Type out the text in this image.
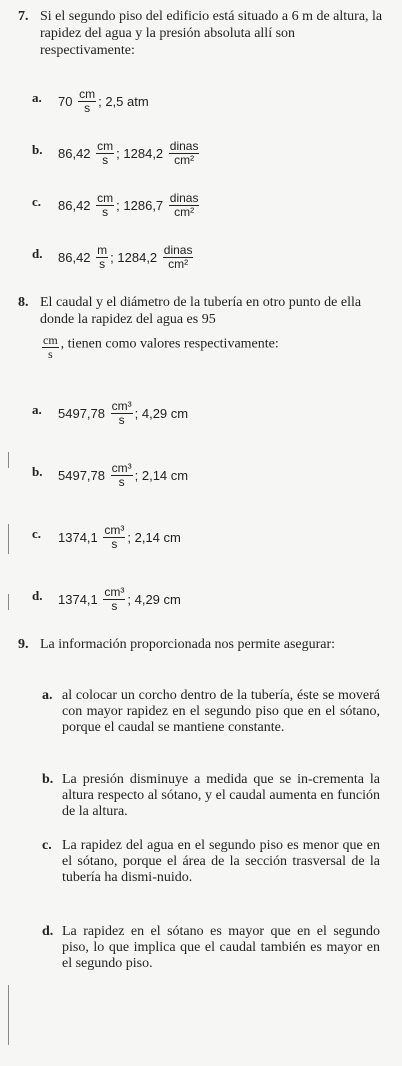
7. Si el segundo piso del edificio está situado a 6 m de altura, la rapidez del agua y la presión absoluta allí son respectivamente:
a. $70 \frac{cm}{s}$ ; 2,5 atm
b. $86,42 \frac{cm}{s}$ ; $1284,2 \frac{\text{dinas}}{\text{cm²}}$
c. $86,42 \frac{cm}{s}$ ; $1286,7 \frac{\text{dinas}}{\text{cm²}}$
d. $86,42 \frac{m}{s}$ ; $1284,2 \frac{\text{dinas}}{\text{cm²}}$
8. El caudal y el diámetro de la tubería en otro punto de ella donde la rapidez del agua es 95

$\frac{cm}{s}$ , tienen como valores respectivamente:
a. $5497,78 \frac{\text{cm³}}{s}$ ; 4,29 cm
b. $5497,78 \frac{\text{cm³}}{s}$ ; 2,14 cm
c. $1374,1 \frac{\text{cm³}}{s}$ ; 2,14 cm
d. $1374,1 \frac{\text{cm³}}{s}$ ; 4,29 cm
9. La información proporcionada nos permite asegurar:
a. al colocar un corcho dentro de la tubería, éste se moverá con mayor rapidez en el segundo piso que en el sótano, porque el caudal se mantiene constante.
b. La presión disminuye a medida que se in-crementa la altura respecto al sótano, y el caudal aumenta en función de la altura.
c. La rapidez del agua en el segundo piso es menor que en el sótano, porque el área de la sección trasversal de la tubería ha dismi-nuido.
d. La rapidez en el sótano es mayor que en el segundo piso, lo que implica que el caudal también es mayor en el segundo piso.
